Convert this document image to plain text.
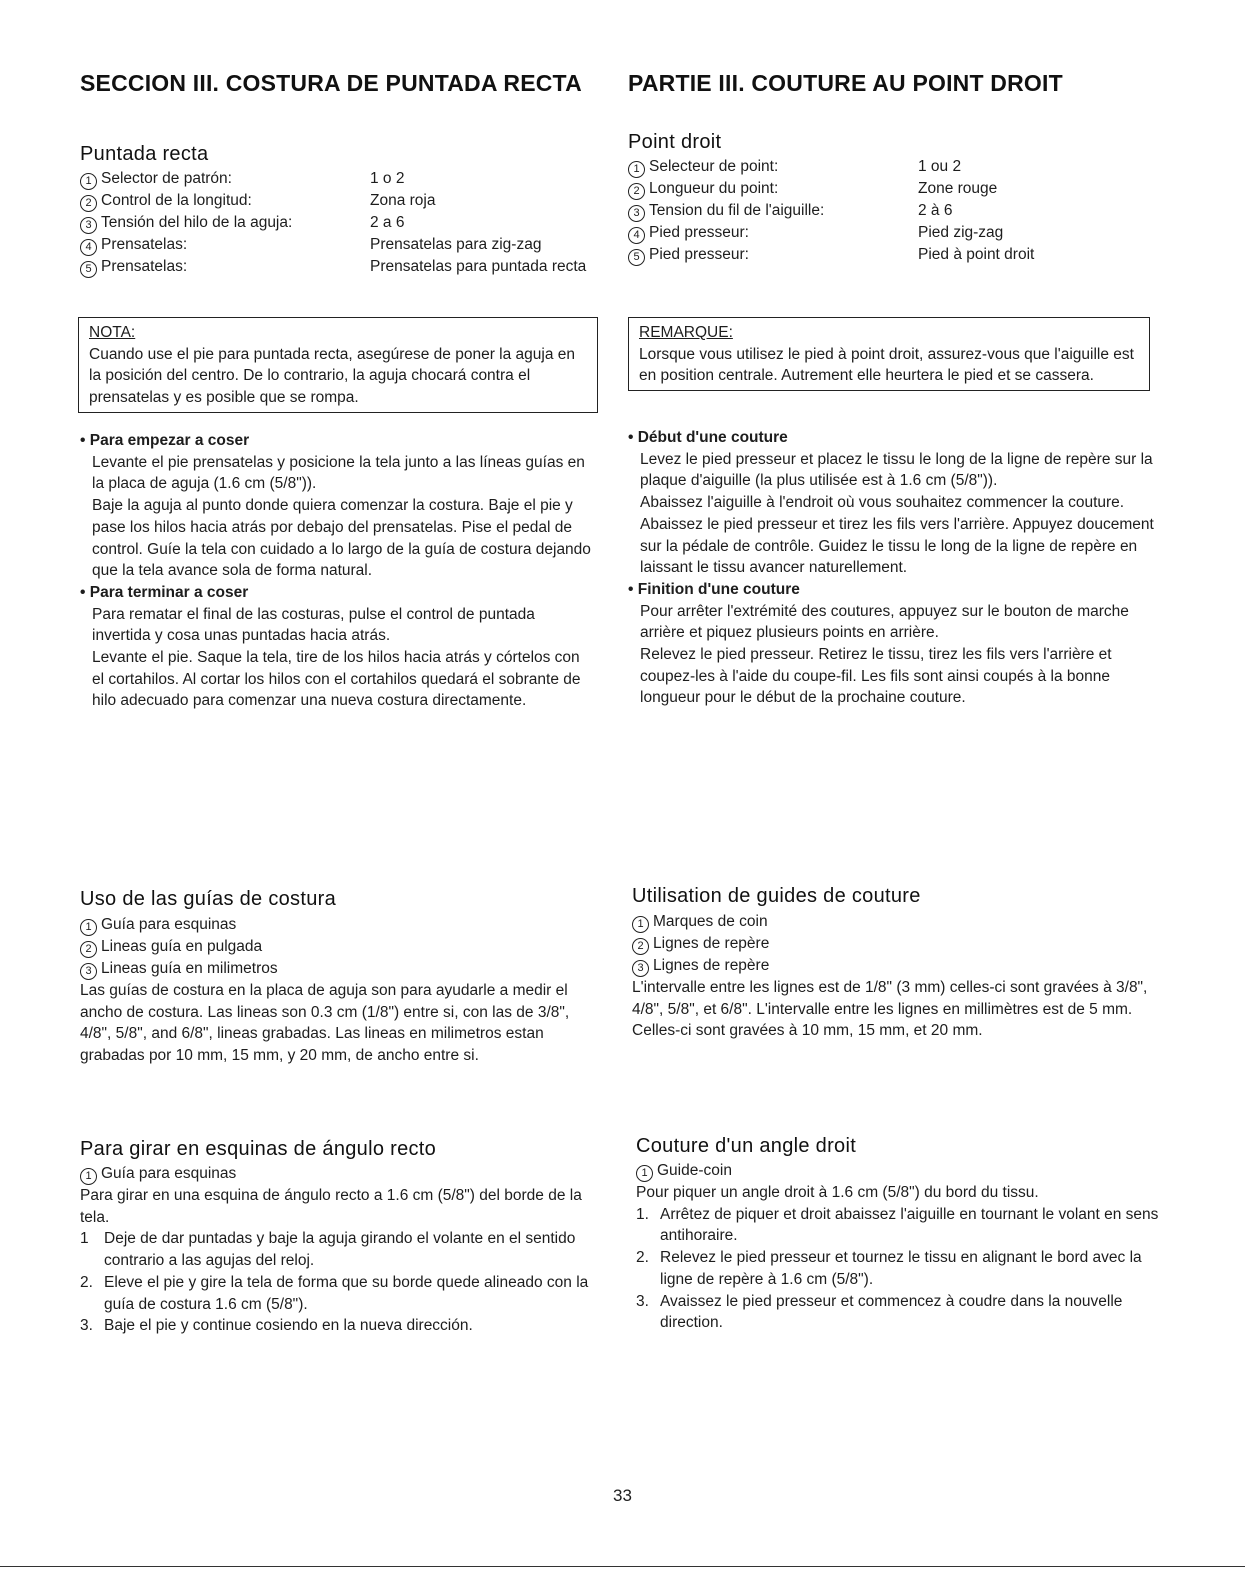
SECCION III. COSTURA DE PUNTADA RECTA
Puntada recta
1 Selector de patrón:	1 o 2
2 Control de la longitud:	Zona roja
3 Tensión del hilo de la aguja:	2 a 6
4 Prensatelas:	Prensatelas para zig-zag
5 Prensatelas:	Prensatelas para puntada recta
NOTA:
Cuando use el pie para puntada recta, asegúrese de poner la aguja en la posición del centro. De lo contrario, la aguja chocará contra el prensatelas y es posible que se rompa.
• Para empezar a coser
Levante el pie prensatelas y posicione la tela junto a las líneas guías en la placa de aguja (1.6 cm (5/8")).
Baje la aguja al punto donde quiera comenzar la costura. Baje el pie y pase los hilos hacia atrás por debajo del prensatelas. Pise el pedal de control. Guíe la tela con cuidado a lo largo de la guía de costura dejando que la tela avance sola de forma natural.
• Para terminar a coser
Para rematar el final de las costuras, pulse el control de puntada invertida y cosa unas puntadas hacia atrás.
Levante el pie. Saque la tela, tire de los hilos hacia atrás y córtelos con el cortahilos. Al cortar los hilos con el cortahilos quedará el sobrante de hilo adecuado para comenzar una nueva costura directamente.
Uso de las guías de costura
1 Guía para esquinas
2 Lineas guía en pulgada
3 Lineas guía en milimetros
Las guías de costura en la placa de aguja son para ayudarle a medir el ancho de costura. Las lineas son 0.3 cm (1/8") entre si, con las de 3/8", 4/8", 5/8", and 6/8", lineas grabadas. Las lineas en milimetros estan grabadas por 10 mm, 15 mm, y 20 mm, de ancho entre si.
Para girar en esquinas de ángulo recto
1 Guía para esquinas
Para girar en una esquina de ángulo recto a 1.6 cm (5/8") del borde de la tela.
1 Deje de dar puntadas y baje la aguja girando el volante en el sentido contrario a las agujas del reloj.
2. Eleve el pie y gire la tela de forma que su borde quede alineado con la guía de costura 1.6 cm (5/8").
3. Baje el pie y continue cosiendo en la nueva dirección.
PARTIE III. COUTURE AU POINT DROIT
Point droit
1 Selecteur de point:	1 ou 2
2 Longueur du point:	Zone rouge
3 Tension du fil de l'aiguille:	2 à 6
4 Pied presseur:	Pied zig-zag
5 Pied presseur:	Pied à point droit
REMARQUE:
Lorsque vous utilisez le pied à point droit, assurez-vous que l'aiguille est en position centrale. Autrement elle heurtera le pied et se cassera.
• Début d'une couture
Levez le pied presseur et placez le tissu le long de la ligne de repère sur la plaque d'aiguille (la plus utilisée est à 1.6 cm (5/8")).
Abaissez l'aiguille à l'endroit où vous souhaitez commencer la couture. Abaissez le pied presseur et tirez les fils vers l'arrière. Appuyez doucement sur la pédale de contrôle. Guidez le tissu le long de la ligne de repère en laissant le tissu avancer naturellement.
• Finition d'une couture
Pour arrêter l'extrémité des coutures, appuyez sur le bouton de marche arrière et piquez plusieurs points en arrière.
Relevez le pied presseur. Retirez le tissu, tirez les fils vers l'arrière et coupez-les à l'aide du coupe-fil. Les fils sont ainsi coupés à la bonne longueur pour le début de la prochaine couture.
Utilisation de guides de couture
1 Marques de coin
2 Lignes de repère
3 Lignes de repère
L'intervalle entre les lignes est de 1/8" (3 mm) celles-ci sont gravées à 3/8", 4/8", 5/8", et 6/8". L'intervalle entre les lignes en millimètres est de 5 mm. Celles-ci sont gravées à 10 mm, 15 mm, et 20 mm.
Couture d'un angle droit
1 Guide-coin
Pour piquer un angle droit à 1.6 cm (5/8") du bord du tissu.
1. Arrêtez de piquer et droit abaissez l'aiguille en tournant le volant en sens antihoraire.
2. Relevez le pied presseur et tournez le tissu en alignant le bord avec la ligne de repère à 1.6 cm (5/8").
3. Avaissez le pied presseur et commencez à coudre dans la nouvelle direction.
33
